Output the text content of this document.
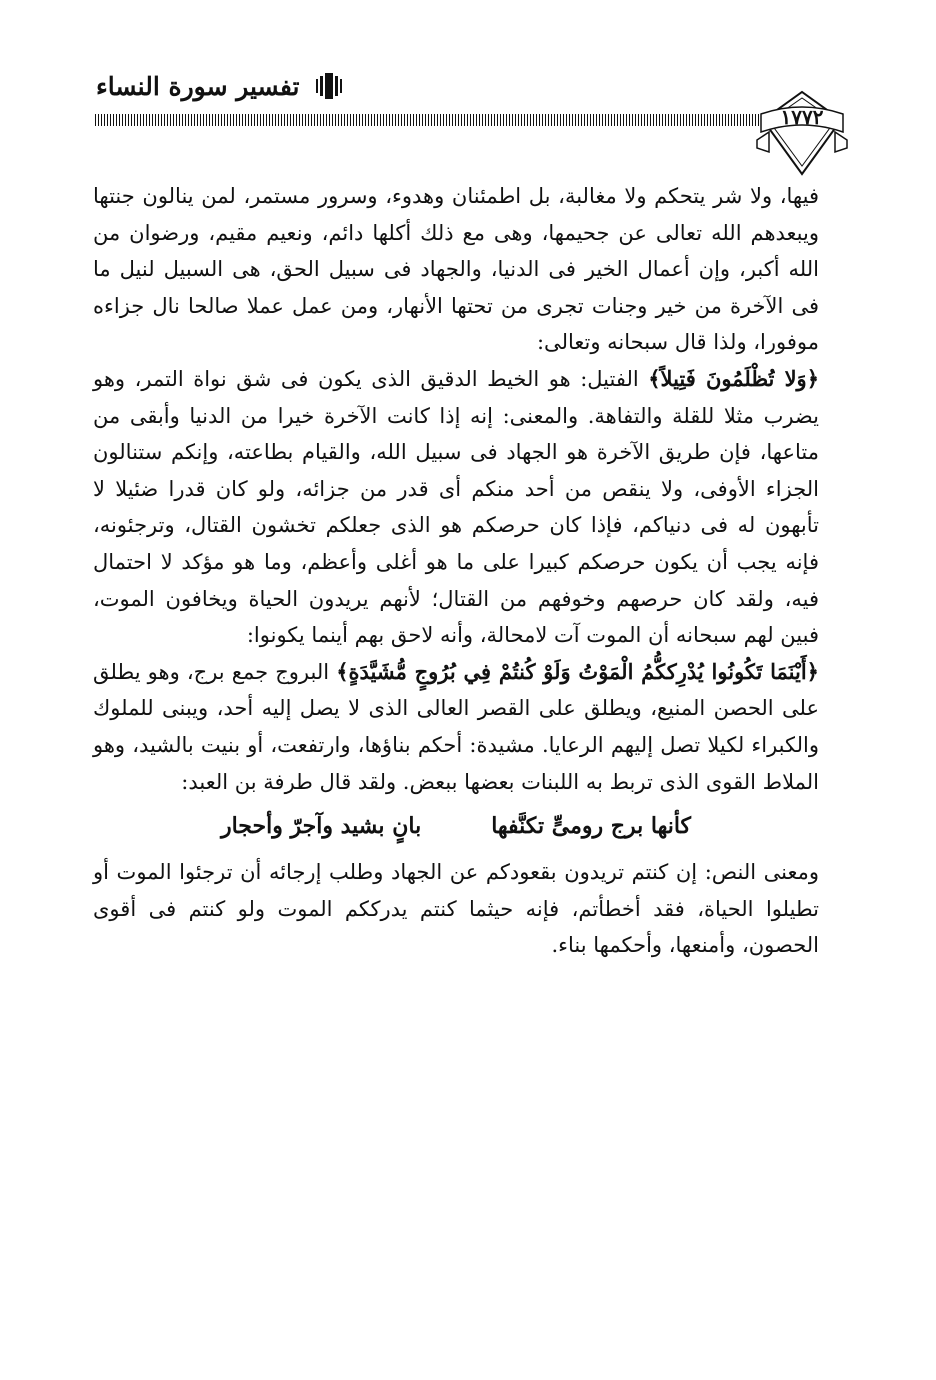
تفسير سورة النساء
١٧٧٢

فيها، ولا شر يتحكم ولا مغالبة، بل اطمئنان وهدوء، وسرور مستمر، لمن ينالون جنتها ويبعدهم الله تعالى عن جحيمها، وهى مع ذلك أكلها دائم، ونعيم مقيم، ورضوان من الله أكبر، وإن أعمال الخير فى الدنيا، والجهاد فى سبيل الحق، هى السبيل لنيل ما فى الآخرة من خير وجنات تجرى من تحتها الأنهار، ومن عمل عملا صالحا نال جزاءه موفورا، ولذا قال سبحانه وتعالى:

﴿وَلا تُظْلَمُونَ فَتِيلاً﴾ الفتيل: هو الخيط الدقيق الذى يكون فى شق نواة التمر، وهو يضرب مثلا للقلة والتفاهة. والمعنى: إنه إذا كانت الآخرة خيرا من الدنيا وأبقى من متاعها، فإن طريق الآخرة هو الجهاد فى سبيل الله، والقيام بطاعته، وإنكم ستنالون الجزاء الأوفى، ولا ينقص من أحد منكم أى قدر من جزائه، ولو كان قدرا ضئيلا لا تأبهون له فى دنياكم، فإذا كان حرصكم هو الذى جعلكم تخشون القتال، وترجئونه، فإنه يجب أن يكون حرصكم كبيرا على ما هو أغلى وأعظم، وما هو مؤكد لا احتمال فيه، ولقد كان حرصهم وخوفهم من القتال؛ لأنهم يريدون الحياة ويخافون الموت، فبين لهم سبحانه أن الموت آت لامحالة، وأنه لاحق بهم أينما يكونوا:

﴿أَيْنَمَا تَكُونُوا يُدْرِككُّمُ الْمَوْتُ وَلَوْ كُنتُمْ فِي بُرُوجٍ مُّشَيَّدَةٍ﴾ البروج جمع برج، وهو يطلق على الحصن المنيع، ويطلق على القصر العالى الذى لا يصل إليه أحد، ويبنى للملوك والكبراء لكيلا تصل إليهم الرعايا. مشيدة: أحكم بناؤها، وارتفعت، أو بنيت بالشيد، وهو الملاط القوى الذى تربط به اللبنات بعضها ببعض. ولقد قال طرفة بن العبد:

كأنها برج رومىٍّ تكنَّفهابانٍ بشيد وآجرّ وأحجار

ومعنى النص: إن كنتم تريدون بقعودكم عن الجهاد وطلب إرجائه أن ترجئوا الموت أو تطيلوا الحياة، فقد أخطأتم، فإنه حيثما كنتم يدرككم الموت ولو كنتم فى أقوى الحصون، وأمنعها، وأحكمها بناء.
